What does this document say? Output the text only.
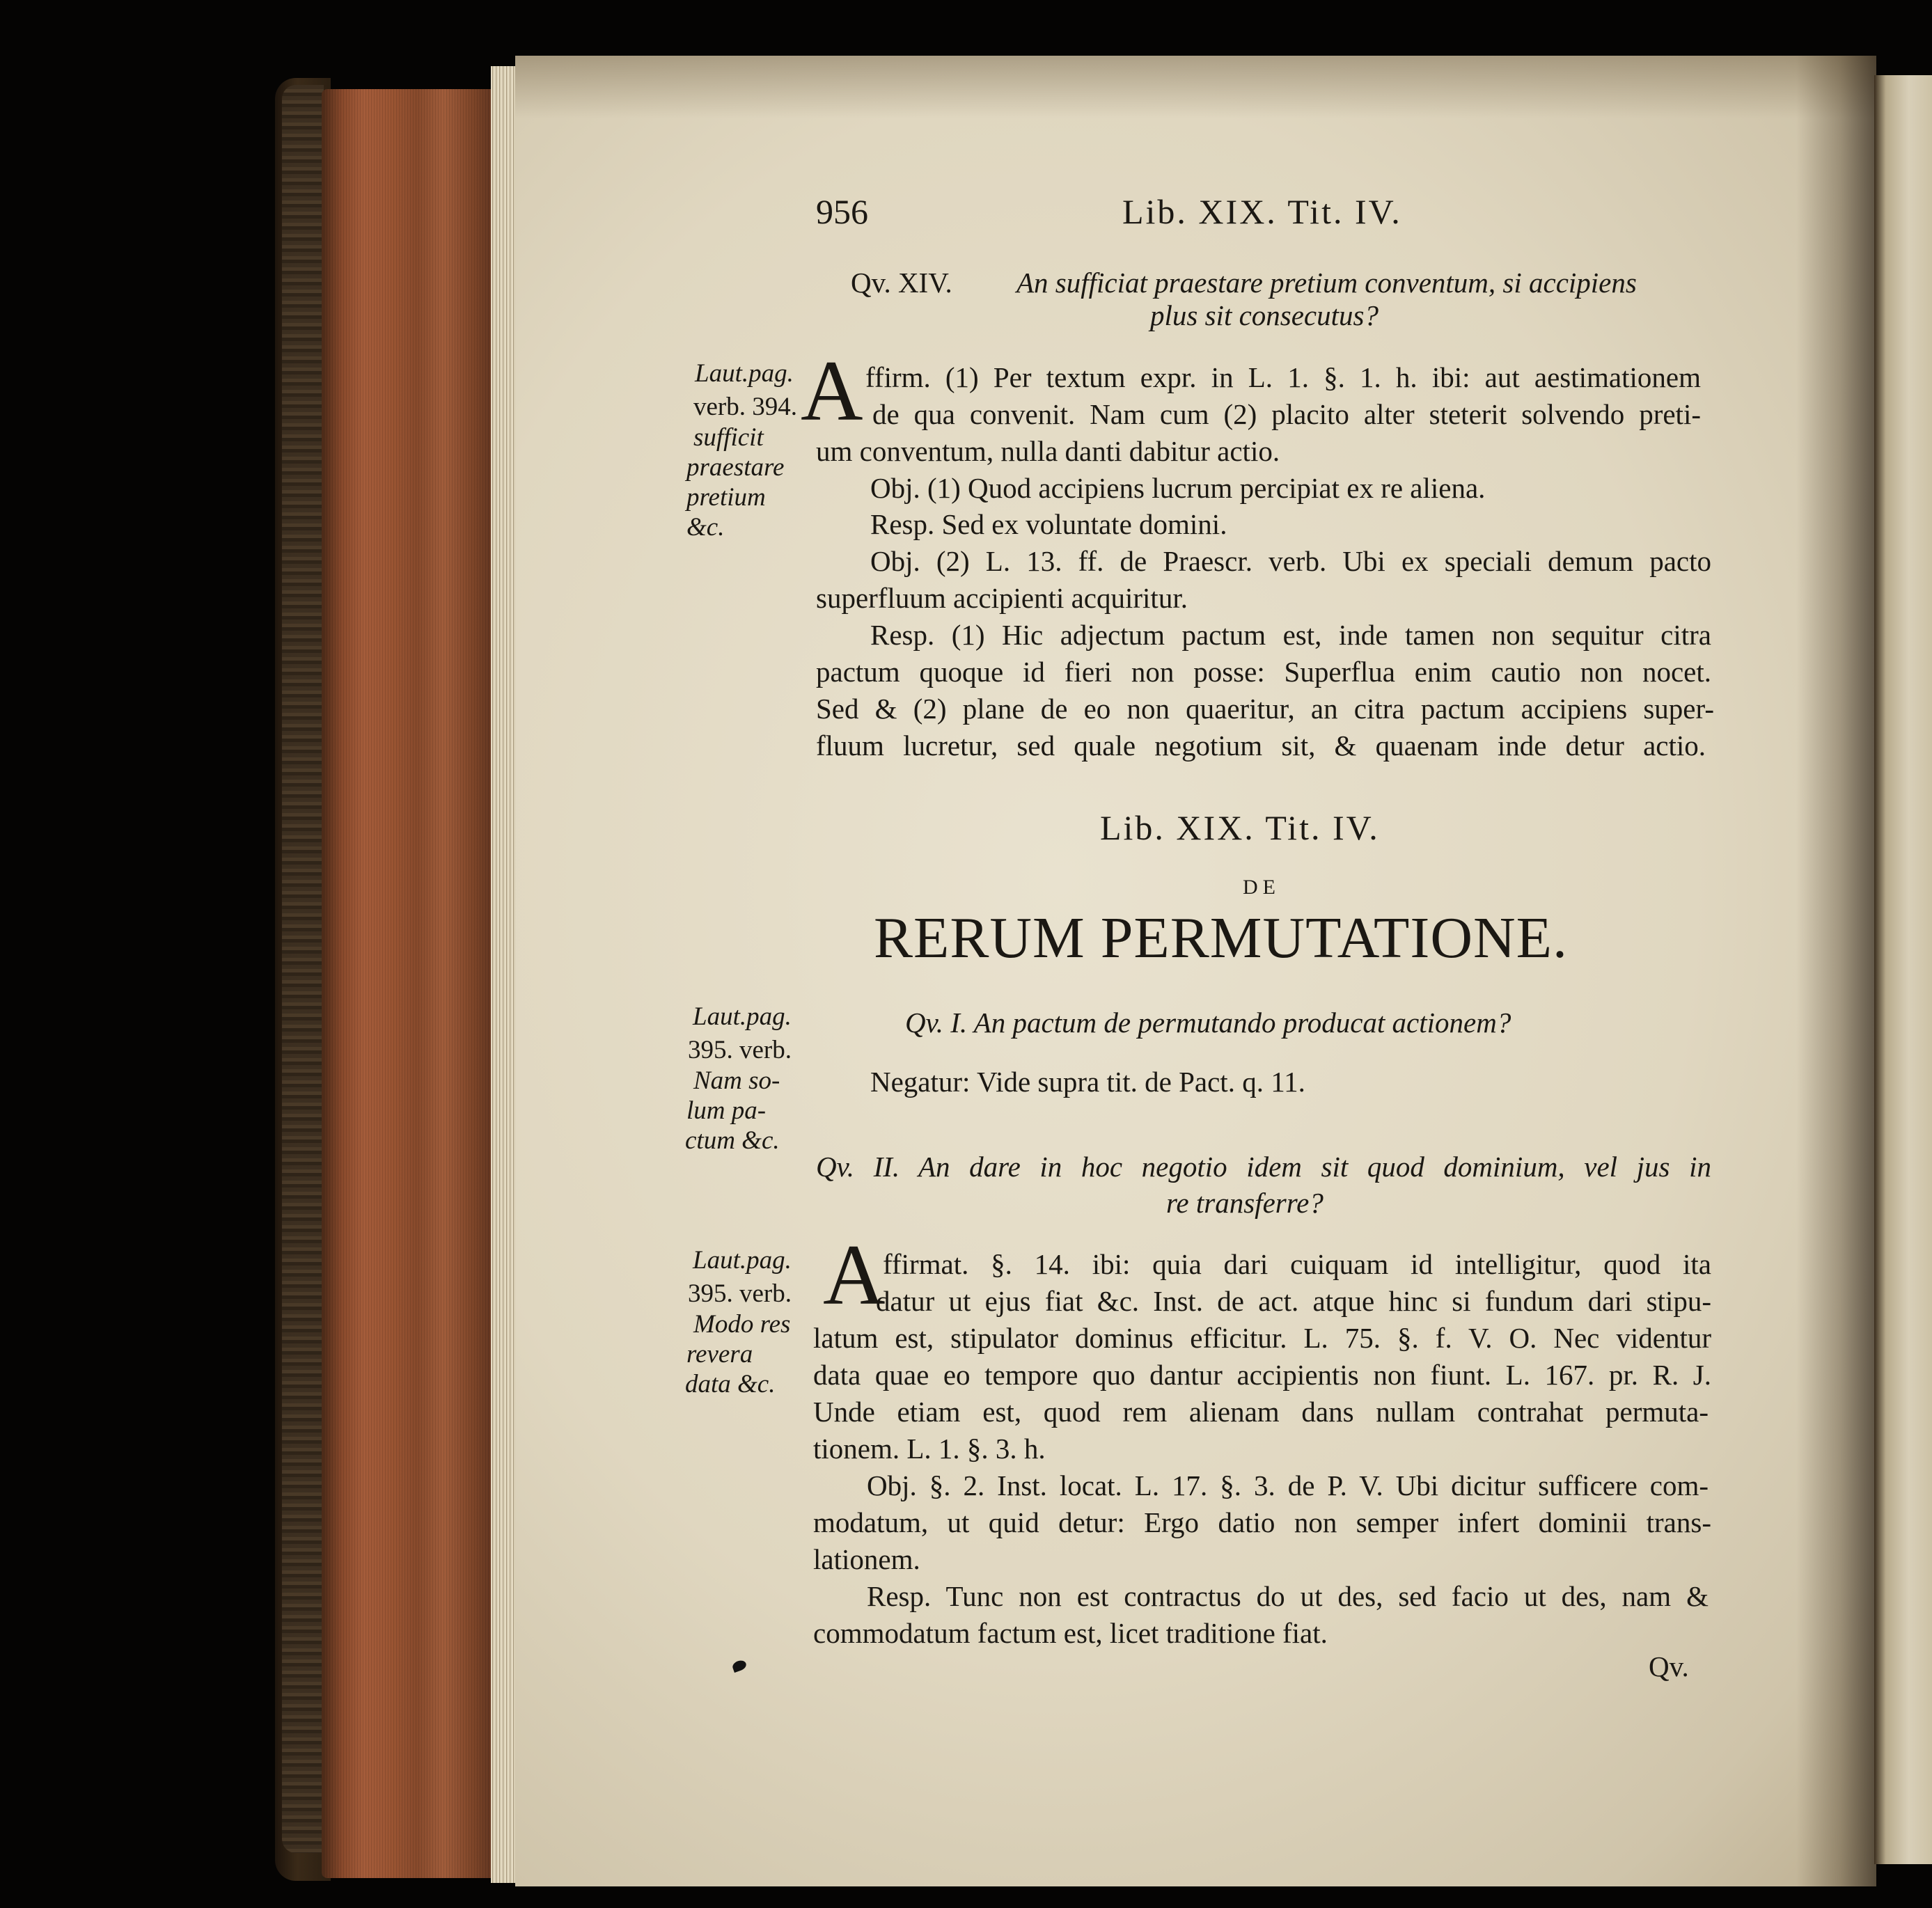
956	Lib. XIX. Tit. IV.

Qv. XIV. An sufficiat praestare pretium conventum, si accipiens

plus sit consecutus?

Laut.pag.

verb. 394.

sufficit

praestare

pretium

&c.

A ffirm. (1) Per textum expr. in L. 1. §. 1. h. ibi: aut aestimationem

de qua convenit. Nam cum (2) placito alter steterit solvendo preti-

um conventum, nulla danti dabitur actio.

Obj. (1) Quod accipiens lucrum percipiat ex re aliena.

Resp. Sed ex voluntate domini.

Obj. (2) L. 13. ff. de Praescr. verb. Ubi ex speciali demum pacto

superfluum accipienti acquiritur.

Resp. (1) Hic adjectum pactum est, inde tamen non sequitur citra

pactum quoque id fieri non posse: Superflua enim cautio non nocet.

Sed & (2) plane de eo non quaeritur, an citra pactum accipiens super-

fluum lucretur, sed quale negotium sit, & quaenam inde detur actio.

Lib. XIX. Tit. IV.

DE

RERUM PERMUTATIONE.

Laut.pag.

395. verb.

Nam so-

lum pa-

ctum &c.

Qv. I. An pactum de permutando producat actionem?

Negatur: Vide supra tit. de Pact. q. 11.

Qv. II. An dare in hoc negotio idem sit quod dominium, vel jus in

re transferre?

Laut.pag.

395. verb.

Modo res

revera

data &c.

A

ffirmat. §. 14. ibi: quia dari cuiquam id intelligitur, quod ita

datur ut ejus fiat &c. Inst. de act. atque hinc si fundum dari stipu-

latum est, stipulator dominus efficitur. L. 75. §. f. V. O. Nec videntur

data quae eo tempore quo dantur accipientis non fiunt. L. 167. pr. R. J.

Unde etiam est, quod rem alienam dans nullam contrahat permuta-

tionem. L. 1. §. 3. h.

Obj. §. 2. Inst. locat. L. 17. §. 3. de P. V. Ubi dicitur sufficere com-

modatum, ut quid detur: Ergo datio non semper infert dominii trans-

lationem.

Resp. Tunc non est contractus do ut des, sed facio ut des, nam &

commodatum factum est, licet traditione fiat.

Qv.
